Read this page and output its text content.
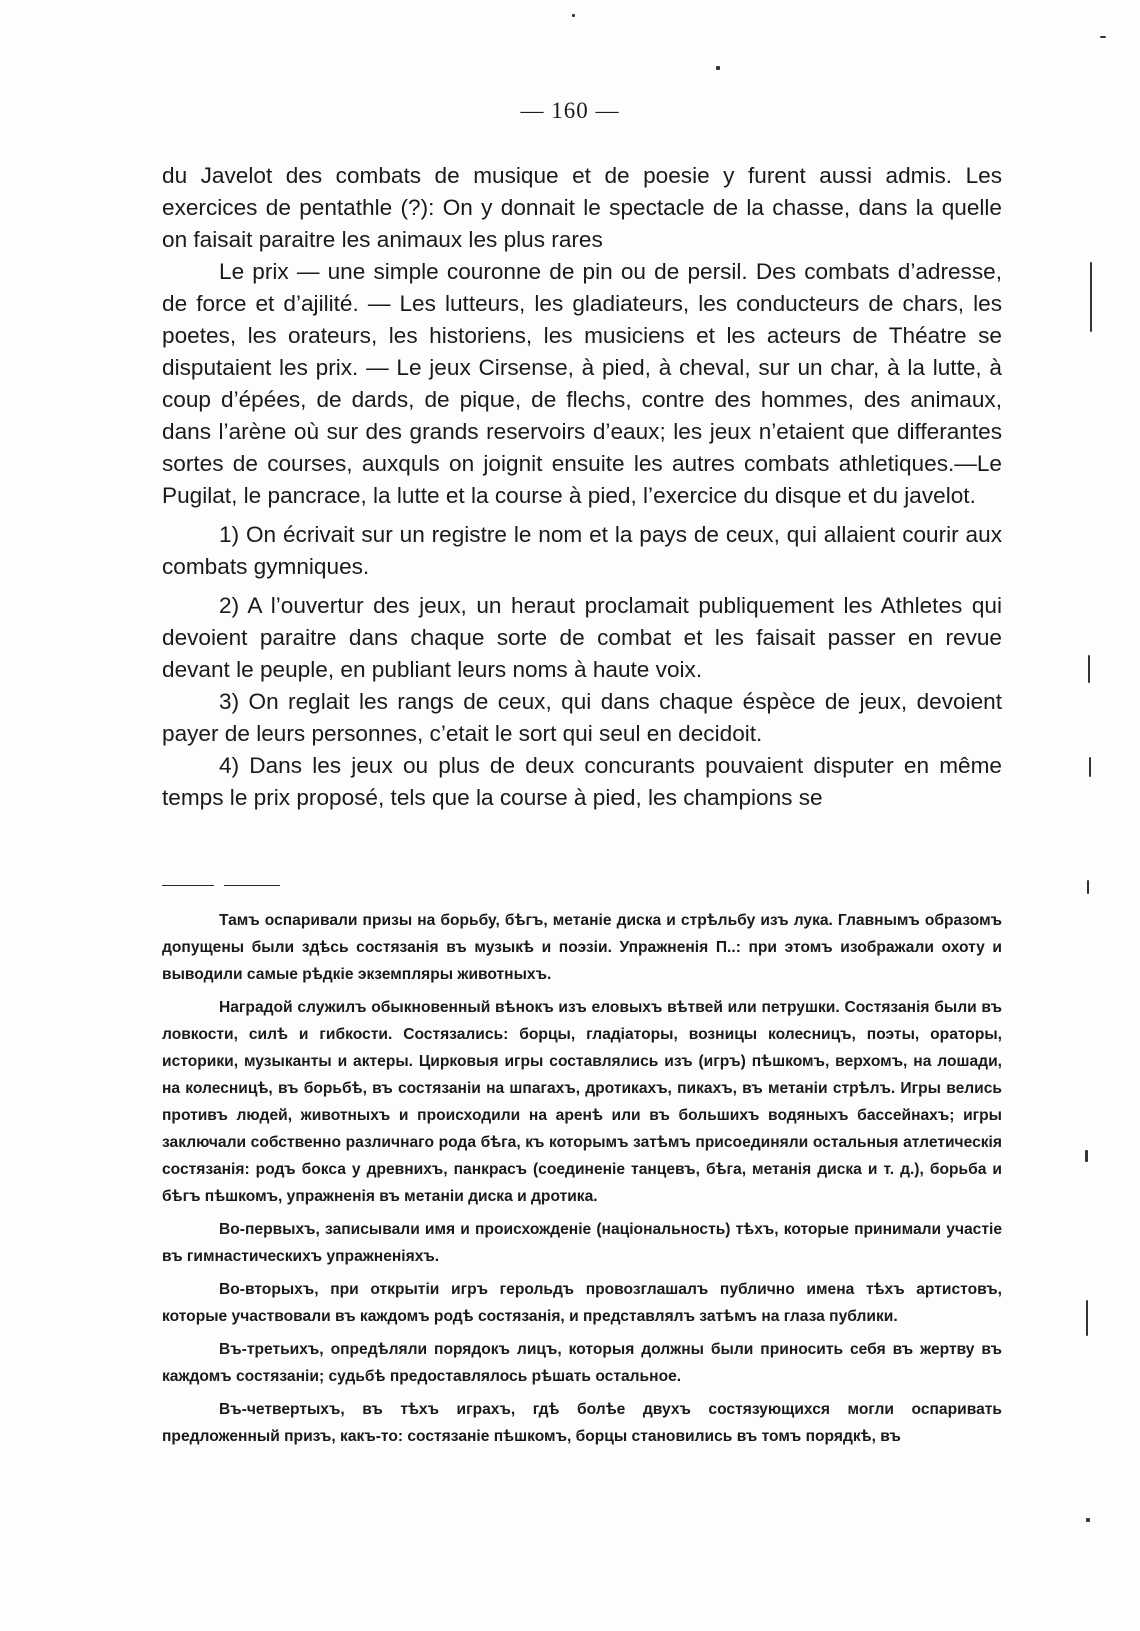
— 160 —

du Javelot des combats de musique et de poesie y furent aussi admis. Les exercices de pentathle (?): On y donnait le spectacle de la chasse, dans la quelle on faisait paraitre les animaux les plus rares

Le prix — une simple couronne de pin ou de persil. Des combats d’adresse, de force et d’ajilité. — Les lutteurs, les gladiateurs, les conducteurs de chars, les poetes, les orateurs, les historiens, les musiciens et les acteurs de Théatre se disputaient les prix. — Le jeux Cirsense, à pied, à cheval, sur un char, à la lutte, à coup d’épées, de dards, de pique, de flechs, contre des hommes, des animaux, dans l’arène où sur des grands reservoirs d’eaux; les jeux n’etaient que differantes sortes de courses, auxquls on joignit ensuite les autres combats athletiques.—Le Pugilat, le pancrace, la lutte et la course à pied, l’exercice du disque et du javelot.

1) On écrivait sur un registre le nom et la pays de ceux, qui allaient courir aux combats gymniques.

2) A l’ouvertur des jeux, un heraut proclamait publiquement les Athletes qui devoient paraitre dans chaque sorte de combat et les faisait passer en revue devant le peuple, en publiant leurs noms à haute voix.

3) On reglait les rangs de ceux, qui dans chaque éspèce de jeux, devoient payer de leurs personnes, c’etait le sort qui seul en decidoit.

4) Dans les jeux ou plus de deux concurants pouvaient disputer en même temps le prix proposé, tels que la course à pied, les champions se

Тамъ оспаривали призы на борьбу, бѣгъ, метаніе диска и стрѣльбу изъ лука. Главнымъ образомъ допущены были здѣсь состязанія въ музыкѣ и поэзіи. Упражненія П..: при этомъ изображали охоту и выводили самые рѣдкіе экземпляры животныхъ.

Наградой служилъ обыкновенный вѣнокъ изъ еловыхъ вѣтвей или петрушки. Состязанія были въ ловкости, силѣ и гибкости. Состязались: борцы, гладіаторы, возницы колесницъ, поэты, ораторы, историки, музыканты и актеры. Цирковыя игры составлялись изъ (игръ) пѣшкомъ, верхомъ, на лошади, на колесницѣ, въ борьбѣ, въ состязаніи на шпагахъ, дротикахъ, пикахъ, въ метаніи стрѣлъ. Игры велись противъ людей, животныхъ и происходили на аренѣ или въ большихъ водяныхъ бассейнахъ; игры заключали собственно различнаго рода бѣга, къ которымъ затѣмъ присоединяли остальныя атлетическія состязанія: родъ бокса у древнихъ, панкрасъ (соединеніе танцевъ, бѣга, метанія диска и т. д.), борьба и бѣгъ пѣшкомъ, упражненія въ метаніи диска и дротика.

Во-первыхъ, записывали имя и происхожденіе (національность) тѣхъ, которые принимали участіе въ гимнастическихъ упражненіяхъ.

Во-вторыхъ, при открытіи игръ герольдъ провозглашалъ публично имена тѣхъ артистовъ, которые участвовали въ каждомъ родѣ состязанія, и представлялъ затѣмъ на глаза публики.

Въ-третьихъ, опредѣляли порядокъ лицъ, которыя должны были приносить себя въ жертву въ каждомъ состязаніи; судьбѣ предоставлялось рѣшать остальное.

Въ-четвертыхъ, въ тѣхъ играхъ, гдѣ болѣе двухъ состязующихся могли оспаривать предложенный призъ, какъ-то: состязаніе пѣшкомъ, борцы становились въ томъ порядкѣ, въ
